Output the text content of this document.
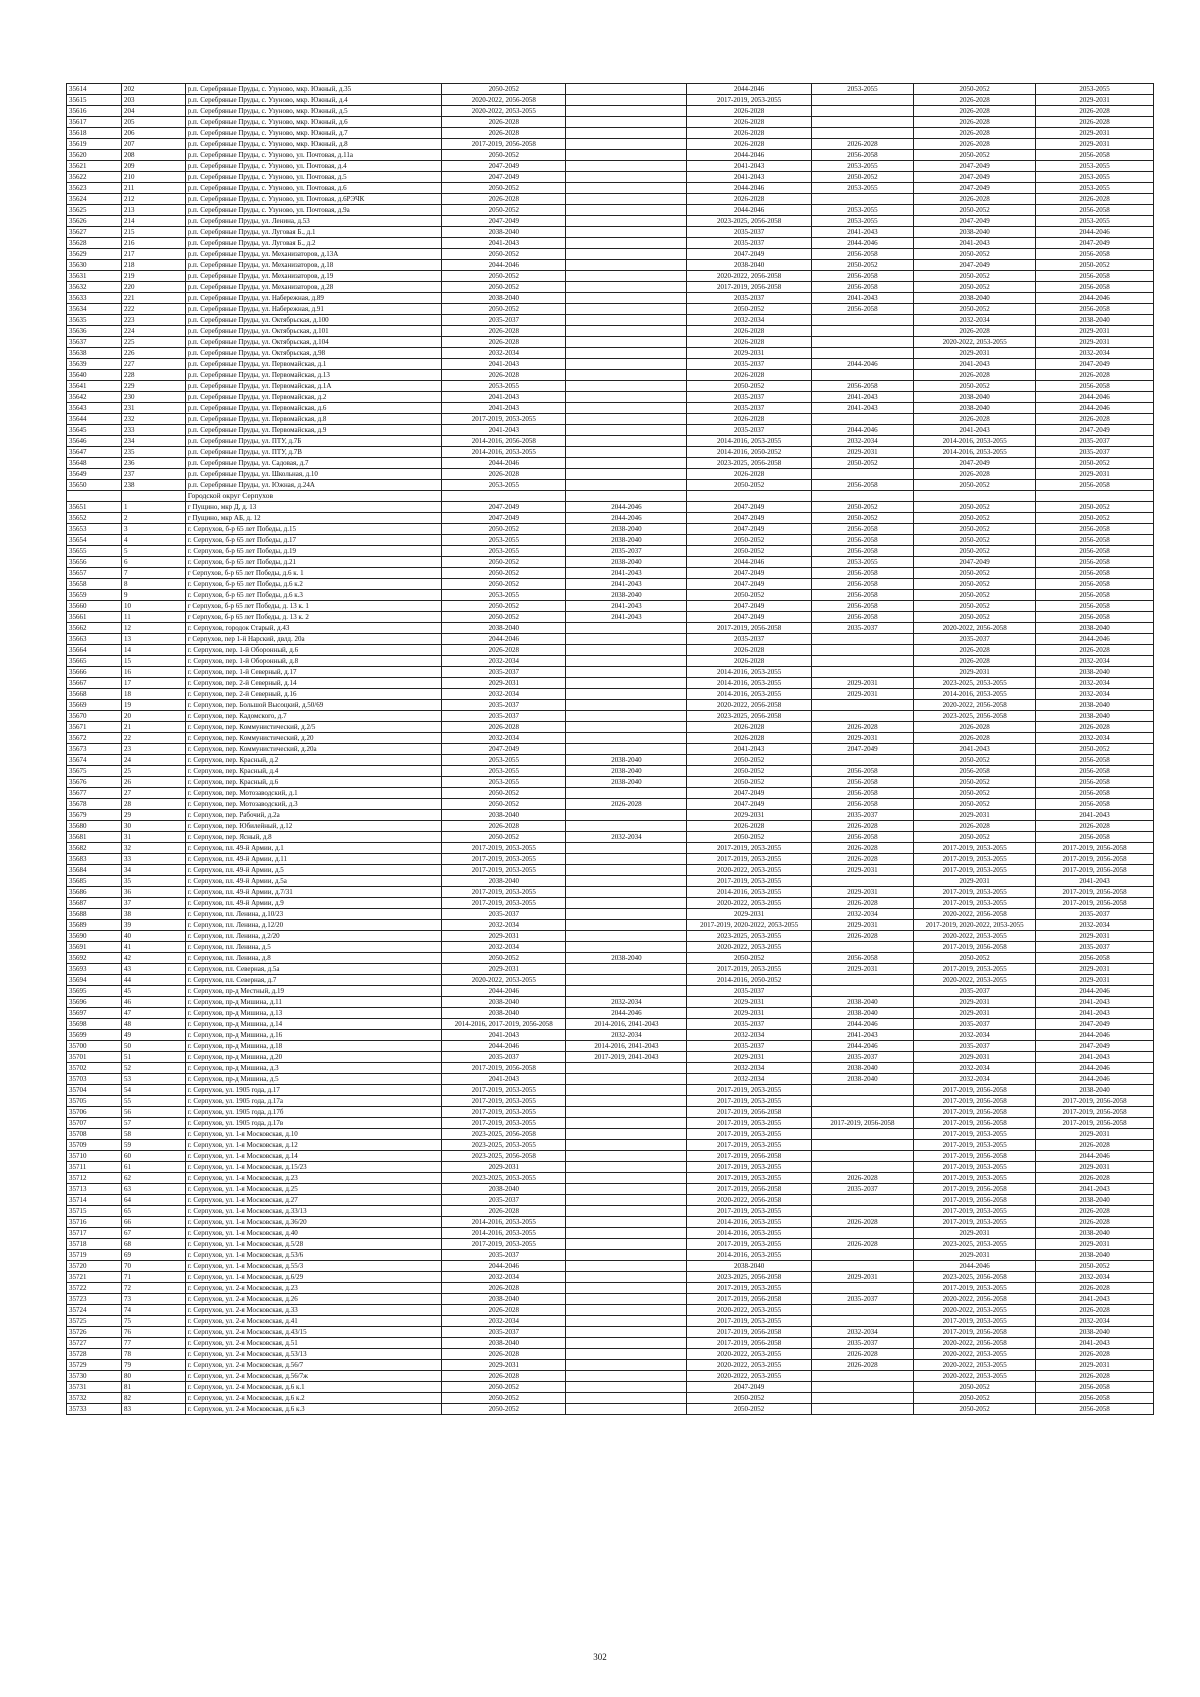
35614	202	р.п. Серебряные Пруды, с. Узуново, мкр. Южный, д.35	2050-2052		2044-2046	2053-2055	2050-2052	2053-2055
35615	203	р.п. Серебряные Пруды, с. Узуново, мкр. Южный, д.4	2020-2022, 2056-2058		2017-2019, 2053-2055		2026-2028	2029-2031
35616	204	р.п. Серебряные Пруды, с. Узуново, мкр. Южный, д.5	2020-2022, 2053-2055		2026-2028		2026-2028	2026-2028
35617	205	р.п. Серебряные Пруды, с. Узуново, мкр. Южный, д.6	2026-2028		2026-2028		2026-2028	2026-2028
35618	206	р.п. Серебряные Пруды, с. Узуново, мкр. Южный, д.7	2026-2028		2026-2028		2026-2028	2029-2031
35619	207	р.п. Серебряные Пруды, с. Узуново, мкр. Южный, д.8	2017-2019, 2056-2058		2026-2028	2026-2028	2026-2028	2029-2031
35620	208	р.п. Серебряные Пруды, с. Узуново, ул. Почтовая, д.11а	2050-2052		2044-2046	2056-2058	2050-2052	2056-2058
35621	209	р.п. Серебряные Пруды, с. Узуново, ул. Почтовая, д.4	2047-2049		2041-2043	2053-2055	2047-2049	2053-2055
35622	210	р.п. Серебряные Пруды, с. Узуново, ул. Почтовая, д.5	2047-2049		2041-2043	2050-2052	2047-2049	2053-2055
35623	211	р.п. Серебряные Пруды, с. Узуново, ул. Почтовая, д.6	2050-2052		2044-2046	2053-2055	2047-2049	2053-2055
35624	212	р.п. Серебряные Пруды, с. Узуново, ул. Почтовая, д.6РЭЧК	2026-2028		2026-2028		2026-2028	2026-2028
35625	213	р.п. Серебряные Пруды, с. Узуново, ул. Почтовая, д.9а	2050-2052		2044-2046	2053-2055	2050-2052	2056-2058
35626	214	р.п. Серебряные Пруды, ул. Ленина, д.53	2047-2049		2023-2025, 2056-2058	2053-2055	2047-2049	2053-2055
35627	215	р.п. Серебряные Пруды, ул. Луговая Б., д.1	2038-2040		2035-2037	2041-2043	2038-2040	2044-2046
35628	216	р.п. Серебряные Пруды, ул. Луговая Б., д.2	2041-2043		2035-2037	2044-2046	2041-2043	2047-2049
35629	217	р.п. Серебряные Пруды, ул. Механизаторов, д.13А	2050-2052		2047-2049	2056-2058	2050-2052	2056-2058
35630	218	р.п. Серебряные Пруды, ул. Механизаторов, д.18	2044-2046		2038-2040	2050-2052	2047-2049	2050-2052
35631	219	р.п. Серебряные Пруды, ул. Механизаторов, д.19	2050-2052		2020-2022, 2056-2058	2056-2058	2050-2052	2056-2058
35632	220	р.п. Серебряные Пруды, ул. Механизаторов, д.28	2050-2052		2017-2019, 2056-2058	2056-2058	2050-2052	2056-2058
35633	221	р.п. Серебряные Пруды, ул. Набережная, д.89	2038-2040		2035-2037	2041-2043	2038-2040	2044-2046
35634	222	р.п. Серебряные Пруды, ул. Набережная, д.91	2050-2052		2050-2052	2056-2058	2050-2052	2056-2058
35635	223	р.п. Серебряные Пруды, ул. Октябрьская, д.100	2035-2037		2032-2034		2032-2034	2038-2040
35636	224	р.п. Серебряные Пруды, ул. Октябрьская, д.101	2026-2028		2026-2028		2026-2028	2029-2031
35637	225	р.п. Серебряные Пруды, ул. Октябрьская, д.104	2026-2028		2026-2028		2020-2022, 2053-2055	2029-2031
35638	226	р.п. Серебряные Пруды, ул. Октябрьская, д.98	2032-2034		2029-2031		2029-2031	2032-2034
35639	227	р.п. Серебряные Пруды, ул. Первомайская, д.1	2041-2043		2035-2037	2044-2046	2041-2043	2047-2049
35640	228	р.п. Серебряные Пруды, ул. Первомайская, д.13	2026-2028		2026-2028		2026-2028	2026-2028
35641	229	р.п. Серебряные Пруды, ул. Первомайская, д.1А	2053-2055		2050-2052	2056-2058	2050-2052	2056-2058
35642	230	р.п. Серебряные Пруды, ул. Первомайская, д.2	2041-2043		2035-2037	2041-2043	2038-2040	2044-2046
35643	231	р.п. Серебряные Пруды, ул. Первомайская, д.6	2041-2043		2035-2037	2041-2043	2038-2040	2044-2046
35644	232	р.п. Серебряные Пруды, ул. Первомайская, д.8	2017-2019, 2053-2055		2026-2028		2026-2028	2026-2028
35645	233	р.п. Серебряные Пруды, ул. Первомайская, д.9	2041-2043		2035-2037	2044-2046	2041-2043	2047-2049
35646	234	р.п. Серебряные Пруды, ул. ПТУ, д.7Б	2014-2016, 2056-2058		2014-2016, 2053-2055	2032-2034	2014-2016, 2053-2055	2035-2037
35647	235	р.п. Серебряные Пруды, ул. ПТУ, д.7В	2014-2016, 2053-2055		2014-2016, 2050-2052	2029-2031	2014-2016, 2053-2055	2035-2037
35648	236	р.п. Серебряные Пруды, ул. Садовая, д.7	2044-2046		2023-2025, 2056-2058	2050-2052	2047-2049	2050-2052
35649	237	р.п. Серебряные Пруды, ул. Школьная, д.10	2026-2028		2026-2028		2026-2028	2029-2031
35650	238	р.п. Серебряные Пруды, ул. Южная, д.24А	2053-2055		2050-2052	2056-2058	2050-2052	2056-2058
		Городской округ Серпухов						
35651	1	г Пущино, мкр Д, д. 13	2047-2049	2044-2046	2047-2049	2050-2052	2050-2052	2050-2052
35652	2	г Пущино, мкр АБ, д. 12	2047-2049	2044-2046	2047-2049	2050-2052	2050-2052	2050-2052
35653	3	г. Серпухов, б-р 65 лет Победы, д.15	2050-2052	2038-2040	2047-2049	2056-2058	2050-2052	2056-2058
35654	4	г. Серпухов, б-р 65 лет Победы, д.17	2053-2055	2038-2040	2050-2052	2056-2058	2050-2052	2056-2058
35655	5	г. Серпухов, б-р 65 лет Победы, д.19	2053-2055	2035-2037	2050-2052	2056-2058	2050-2052	2056-2058
35656	6	г. Серпухов, б-р 65 лет Победы, д.21	2050-2052	2038-2040	2044-2046	2053-2055	2047-2049	2056-2058
35657	7	г Серпухов, б-р 65 лет Победы, д.6 к. 1	2050-2052	2041-2043	2047-2049	2056-2058	2050-2052	2056-2058
35658	8	г. Серпухов, б-р 65 лет Победы, д.6 к.2	2050-2052	2041-2043	2047-2049	2056-2058	2050-2052	2056-2058
35659	9	г. Серпухов, б-р 65 лет Победы, д.6 к.3	2053-2055	2038-2040	2050-2052	2056-2058	2050-2052	2056-2058
35660	10	г Серпухов, б-р 65 лет Победы, д. 13 к. 1	2050-2052	2041-2043	2047-2049	2056-2058	2050-2052	2056-2058
35661	11	г Серпухов, б-р 65 лет Победы, д. 13 к. 2	2050-2052	2041-2043	2047-2049	2056-2058	2050-2052	2056-2058
35662	12	г. Серпухов, городок Старый, д.43	2038-2040		2017-2019, 2056-2058	2035-2037	2020-2022, 2056-2058	2038-2040
35663	13	г Серпухов, пер 1-й Нарский, двлд. 20а	2044-2046		2035-2037		2035-2037	2044-2046
35664	14	г. Серпухов, пер. 1-й Оборонный, д.6	2026-2028		2026-2028		2026-2028	2026-2028
35665	15	г. Серпухов, пер. 1-й Оборонный, д.8	2032-2034		2026-2028		2026-2028	2032-2034
35666	16	г. Серпухов, пер. 1-й Северный, д.17	2035-2037		2014-2016, 2053-2055		2029-2031	2038-2040
35667	17	г. Серпухов, пер. 2-й Северный, д.14	2029-2031		2014-2016, 2053-2055	2029-2031	2023-2025, 2053-2055	2032-2034
35668	18	г. Серпухов, пер. 2-й Северный, д.16	2032-2034		2014-2016, 2053-2055	2029-2031	2014-2016, 2053-2055	2032-2034
35669	19	г. Серпухов, пер. Большой Высоцкий, д.50/69	2035-2037		2020-2022, 2056-2058		2020-2022, 2056-2058	2038-2040
35670	20	г. Серпухов, пер. Кадомского, д.7	2035-2037		2023-2025, 2056-2058		2023-2025, 2056-2058	2038-2040
35671	21	г. Серпухов, пер. Коммунистический, д.2/5	2026-2028		2026-2028	2026-2028	2026-2028	2026-2028
35672	22	г. Серпухов, пер. Коммунистический, д.20	2032-2034		2026-2028	2029-2031	2026-2028	2032-2034
35673	23	г. Серпухов, пер. Коммунистический, д.20а	2047-2049		2041-2043	2047-2049	2041-2043	2050-2052
35674	24	г. Серпухов, пер. Красный, д.2	2053-2055	2038-2040	2050-2052		2050-2052	2056-2058
35675	25	г. Серпухов, пер. Красный, д.4	2053-2055	2038-2040	2050-2052	2056-2058	2056-2058	2056-2058
35676	26	г. Серпухов, пер. Красный, д.6	2053-2055	2038-2040	2050-2052	2056-2058	2050-2052	2056-2058
35677	27	г. Серпухов, пер. Мотозаводский, д.1	2050-2052		2047-2049	2056-2058	2050-2052	2056-2058
35678	28	г. Серпухов, пер. Мотозаводский, д.3	2050-2052	2026-2028	2047-2049	2056-2058	2050-2052	2056-2058
35679	29	г. Серпухов, пер. Рабочий, д.2а	2038-2040		2029-2031	2035-2037	2029-2031	2041-2043
35680	30	г. Серпухов, пер. Юбилейный, д.12	2026-2028		2026-2028	2026-2028	2026-2028	2026-2028
35681	31	г. Серпухов, пер. Ясный, д.8	2050-2052	2032-2034	2050-2052	2056-2058	2050-2052	2056-2058
35682	32	г. Серпухов, пл. 49-й Армии, д.1	2017-2019, 2053-2055		2017-2019, 2053-2055	2026-2028	2017-2019, 2053-2055	2017-2019, 2056-2058
35683	33	г. Серпухов, пл. 49-й Армии, д.11	2017-2019, 2053-2055		2017-2019, 2053-2055	2026-2028	2017-2019, 2053-2055	2017-2019, 2056-2058
35684	34	г. Серпухов, пл. 49-й Армии, д.5	2017-2019, 2053-2055		2020-2022, 2053-2055	2029-2031	2017-2019, 2053-2055	2017-2019, 2056-2058
35685	35	г. Серпухов, пл. 49-й Армии, д.5а	2038-2040		2017-2019, 2053-2055		2029-2031	2041-2043
35686	36	г. Серпухов, пл. 49-й Армии, д.7/31	2017-2019, 2053-2055		2014-2016, 2053-2055	2029-2031	2017-2019, 2053-2055	2017-2019, 2056-2058
35687	37	г. Серпухов, пл. 49-й Армии, д.9	2017-2019, 2053-2055		2020-2022, 2053-2055	2026-2028	2017-2019, 2053-2055	2017-2019, 2056-2058
35688	38	г. Серпухов, пл. Ленина, д.10/23	2035-2037		2029-2031	2032-2034	2020-2022, 2056-2058	2035-2037
35689	39	г. Серпухов, пл. Ленина, д.12/20	2032-2034		2017-2019, 2020-2022, 2053-2055	2029-2031	2017-2019, 2020-2022, 2053-2055	2032-2034
35690	40	г. Серпухов, пл. Ленина, д.2/20	2029-2031		2023-2025, 2053-2055	2026-2028	2020-2022, 2053-2055	2029-2031
35691	41	г. Серпухов, пл. Ленина, д.5	2032-2034		2020-2022, 2053-2055		2017-2019, 2056-2058	2035-2037
35692	42	г. Серпухов, пл. Ленина, д.8	2050-2052	2038-2040	2050-2052	2056-2058	2050-2052	2056-2058
35693	43	г. Серпухов, пл. Северная, д.5а	2029-2031		2017-2019, 2053-2055	2029-2031	2017-2019, 2053-2055	2029-2031
35694	44	г. Серпухов, пл. Северная, д.7	2020-2022, 2053-2055		2014-2016, 2050-2052		2020-2022, 2053-2055	2029-2031
35695	45	г. Серпухов, пр-д Местный, д.19	2044-2046		2035-2037		2035-2037	2044-2046
35696	46	г. Серпухов, пр-д Мишина, д.11	2038-2040	2032-2034	2029-2031	2038-2040	2029-2031	2041-2043
35697	47	г. Серпухов, пр-д Мишина, д.13	2038-2040	2044-2046	2029-2031	2038-2040	2029-2031	2041-2043
35698	48	г. Серпухов, пр-д Мишина, д.14	2014-2016, 2017-2019, 2056-2058	2014-2016, 2041-2043	2035-2037	2044-2046	2035-2037	2047-2049
35699	49	г. Серпухов, пр-д Мишина, д.16	2041-2043	2032-2034	2032-2034	2041-2043	2032-2034	2044-2046
35700	50	г. Серпухов, пр-д Мишина, д.18	2044-2046	2014-2016, 2041-2043	2035-2037	2044-2046	2035-2037	2047-2049
35701	51	г. Серпухов, пр-д Мишина, д.20	2035-2037	2017-2019, 2041-2043	2029-2031	2035-2037	2029-2031	2041-2043
35702	52	г. Серпухов, пр-д Мишина, д.3	2017-2019, 2056-2058		2032-2034	2038-2040	2032-2034	2044-2046
35703	53	г. Серпухов, пр-д Мишина, д.5	2041-2043		2032-2034	2038-2040	2032-2034	2044-2046
35704	54	г. Серпухов, ул. 1905 года, д.17	2017-2019, 2053-2055		2017-2019, 2053-2055		2017-2019, 2056-2058	2038-2040
35705	55	г. Серпухов, ул. 1905 года, д.17а	2017-2019, 2053-2055		2017-2019, 2053-2055		2017-2019, 2056-2058	2017-2019, 2056-2058
35706	56	г. Серпухов, ул. 1905 года, д.17б	2017-2019, 2053-2055		2017-2019, 2056-2058		2017-2019, 2056-2058	2017-2019, 2056-2058
35707	57	г. Серпухов, ул. 1905 года, д.17в	2017-2019, 2053-2055		2017-2019, 2053-2055	2017-2019, 2056-2058	2017-2019, 2056-2058	2017-2019, 2056-2058
35708	58	г. Серпухов, ул. 1-я Московская, д.10	2023-2025, 2056-2058		2017-2019, 2053-2055		2017-2019, 2053-2055	2029-2031
35709	59	г. Серпухов, ул. 1-я Московская, д.12	2023-2025, 2053-2055		2017-2019, 2053-2055		2017-2019, 2053-2055	2026-2028
35710	60	г. Серпухов, ул. 1-я Московская, д.14	2023-2025, 2056-2058		2017-2019, 2056-2058		2017-2019, 2056-2058	2044-2046
35711	61	г. Серпухов, ул. 1-я Московская, д.15/23	2029-2031		2017-2019, 2053-2055		2017-2019, 2053-2055	2029-2031
35712	62	г. Серпухов, ул. 1-я Московская, д.23	2023-2025, 2053-2055		2017-2019, 2053-2055	2026-2028	2017-2019, 2053-2055	2026-2028
35713	63	г. Серпухов, ул. 1-я Московская, д.25	2038-2040		2017-2019, 2056-2058	2035-2037	2017-2019, 2056-2058	2041-2043
35714	64	г. Серпухов, ул. 1-я Московская, д.27	2035-2037		2020-2022, 2056-2058		2017-2019, 2056-2058	2038-2040
35715	65	г. Серпухов, ул. 1-я Московская, д.33/13	2026-2028		2017-2019, 2053-2055		2017-2019, 2053-2055	2026-2028
35716	66	г. Серпухов, ул. 1-я Московская, д.36/20	2014-2016, 2053-2055		2014-2016, 2053-2055	2026-2028	2017-2019, 2053-2055	2026-2028
35717	67	г. Серпухов, ул. 1-я Московская, д.40	2014-2016, 2053-2055		2014-2016, 2053-2055		2029-2031	2038-2040
35718	68	г. Серпухов, ул. 1-я Московская, д.5/28	2017-2019, 2053-2055		2017-2019, 2053-2055	2026-2028	2023-2025, 2053-2055	2029-2031
35719	69	г. Серпухов, ул. 1-я Московская, д.53/6	2035-2037		2014-2016, 2053-2055		2029-2031	2038-2040
35720	70	г. Серпухов, ул. 1-я Московская, д.55/3	2044-2046		2038-2040		2044-2046	2050-2052
35721	71	г. Серпухов, ул. 1-я Московская, д.6/29	2032-2034		2023-2025, 2056-2058	2029-2031	2023-2025, 2056-2058	2032-2034
35722	72	г. Серпухов, ул. 2-я Московская, д.23	2026-2028		2017-2019, 2053-2055		2017-2019, 2053-2055	2026-2028
35723	73	г. Серпухов, ул. 2-я Московская, д.26	2038-2040		2017-2019, 2056-2058	2035-2037	2020-2022, 2056-2058	2041-2043
35724	74	г. Серпухов, ул. 2-я Московская, д.33	2026-2028		2020-2022, 2053-2055		2020-2022, 2053-2055	2026-2028
35725	75	г. Серпухов, ул. 2-я Московская, д.41	2032-2034		2017-2019, 2053-2055		2017-2019, 2053-2055	2032-2034
35726	76	г. Серпухов, ул. 2-я Московская, д.43/15	2035-2037		2017-2019, 2056-2058	2032-2034	2017-2019, 2056-2058	2038-2040
35727	77	г. Серпухов, ул. 2-я Московская, д.51	2038-2040		2017-2019, 2056-2058	2035-2037	2020-2022, 2056-2058	2041-2043
35728	78	г. Серпухов, ул. 2-я Московская, д.53/13	2026-2028		2020-2022, 2053-2055	2026-2028	2020-2022, 2053-2055	2026-2028
35729	79	г. Серпухов, ул. 2-я Московская, д.56/7	2029-2031		2020-2022, 2053-2055	2026-2028	2020-2022, 2053-2055	2029-2031
35730	80	г. Серпухов, ул. 2-я Московская, д.56/7ж	2026-2028		2020-2022, 2053-2055		2020-2022, 2053-2055	2026-2028
35731	81	г. Серпухов, ул. 2-я Московская, д.6 к.1	2050-2052		2047-2049		2050-2052	2056-2058
35732	82	г. Серпухов, ул. 2-я Московская, д.6 к.2	2050-2052		2050-2052		2050-2052	2056-2058
35733	83	г. Серпухов, ул. 2-я Московская, д.6 к.3	2050-2052		2050-2052		2050-2052	2056-2058
302
